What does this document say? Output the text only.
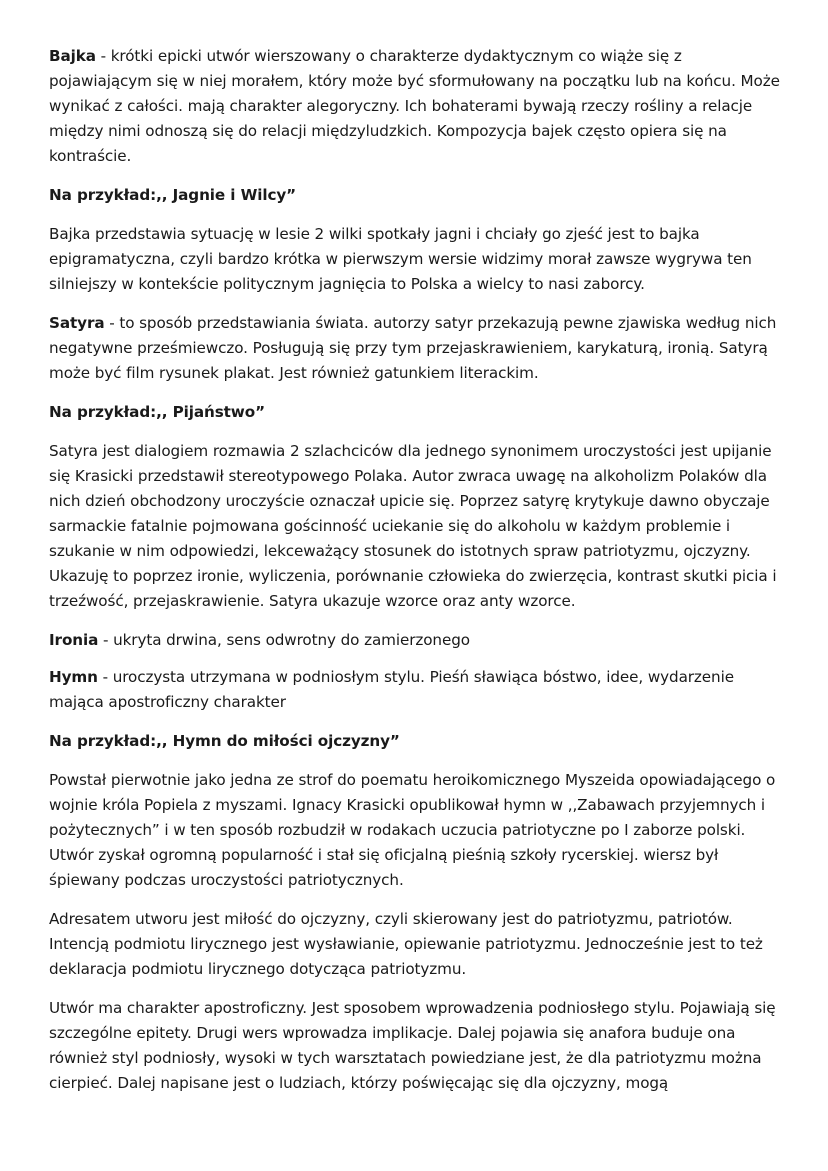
Bajka - krótki epicki utwór wierszowany o charakterze dydaktycznym co wiąże się z pojawiającym się w niej morałem, który może być sformułowany na początku lub na końcu. Może wynikać z całości. mają charakter alegoryczny. Ich bohaterami bywają rzeczy rośliny a relacje między nimi odnoszą się do relacji międzyludzkich. Kompozycja bajek często opiera się na kontraście.

Na przykład:,, Jagnie i Wilcy”

Bajka przedstawia sytuację w lesie 2 wilki spotkały jagni i chciały go zjeść jest to bajka epigramatyczna, czyli bardzo krótka w pierwszym wersie widzimy morał zawsze wygrywa ten silniejszy w kontekście politycznym jagnięcia to Polska a wielcy to nasi zaborcy.

Satyra - to sposób przedstawiania świata. autorzy satyr przekazują pewne zjawiska według nich negatywne prześmiewczo. Posługują się przy tym przejaskrawieniem, karykaturą, ironią. Satyrą może być film rysunek plakat. Jest również gatunkiem literackim.

Na przykład:,, Pijaństwo”

Satyra jest dialogiem rozmawia 2 szlachciców dla jednego synonimem uroczystości jest upijanie się Krasicki przedstawił stereotypowego Polaka. Autor zwraca uwagę na alkoholizm Polaków dla nich dzień obchodzony uroczyście oznaczał upicie się. Poprzez satyrę krytykuje dawno obyczaje sarmackie fatalnie pojmowana gościnność uciekanie się do alkoholu w każdym problemie i szukanie w nim odpowiedzi, lekceważący stosunek do istotnych spraw patriotyzmu, ojczyzny. Ukazuję to poprzez ironie, wyliczenia, porównanie człowieka do zwierzęcia, kontrast skutki picia i trzeźwość, przejaskrawienie. Satyra ukazuje wzorce oraz anty wzorce.

Ironia - ukryta drwina, sens odwrotny do zamierzonego

Hymn - uroczysta utrzymana w podniosłym stylu. Pieśń sławiąca bóstwo, idee, wydarzenie mająca apostroficzny charakter

Na przykład:,, Hymn do miłości ojczyzny”

Powstał pierwotnie jako jedna ze strof do poematu heroikomicznego Myszeida opowiadającego o wojnie króla Popiela z myszami. Ignacy Krasicki opublikował hymn w ,,Zabawach przyjemnych i pożytecznych” i w ten sposób rozbudził w rodakach uczucia patriotyczne po I zaborze polski. Utwór zyskał ogromną popularność i stał się oficjalną pieśnią szkoły rycerskiej. wiersz był śpiewany podczas uroczystości patriotycznych.

Adresatem utworu jest miłość do ojczyzny, czyli skierowany jest do patriotyzmu, patriotów. Intencją podmiotu lirycznego jest wysławianie, opiewanie patriotyzmu. Jednocześnie jest to też deklaracja podmiotu lirycznego dotycząca patriotyzmu.

Utwór ma charakter apostroficzny. Jest sposobem wprowadzenia podniosłego stylu. Pojawiają się szczególne epitety. Drugi wers wprowadza implikacje. Dalej pojawia się anafora buduje ona również styl podniosły, wysoki w tych warsztatach powiedziane jest, że dla patriotyzmu można cierpieć. Dalej napisane jest o ludziach, którzy poświęcając się dla ojczyzny, mogą
